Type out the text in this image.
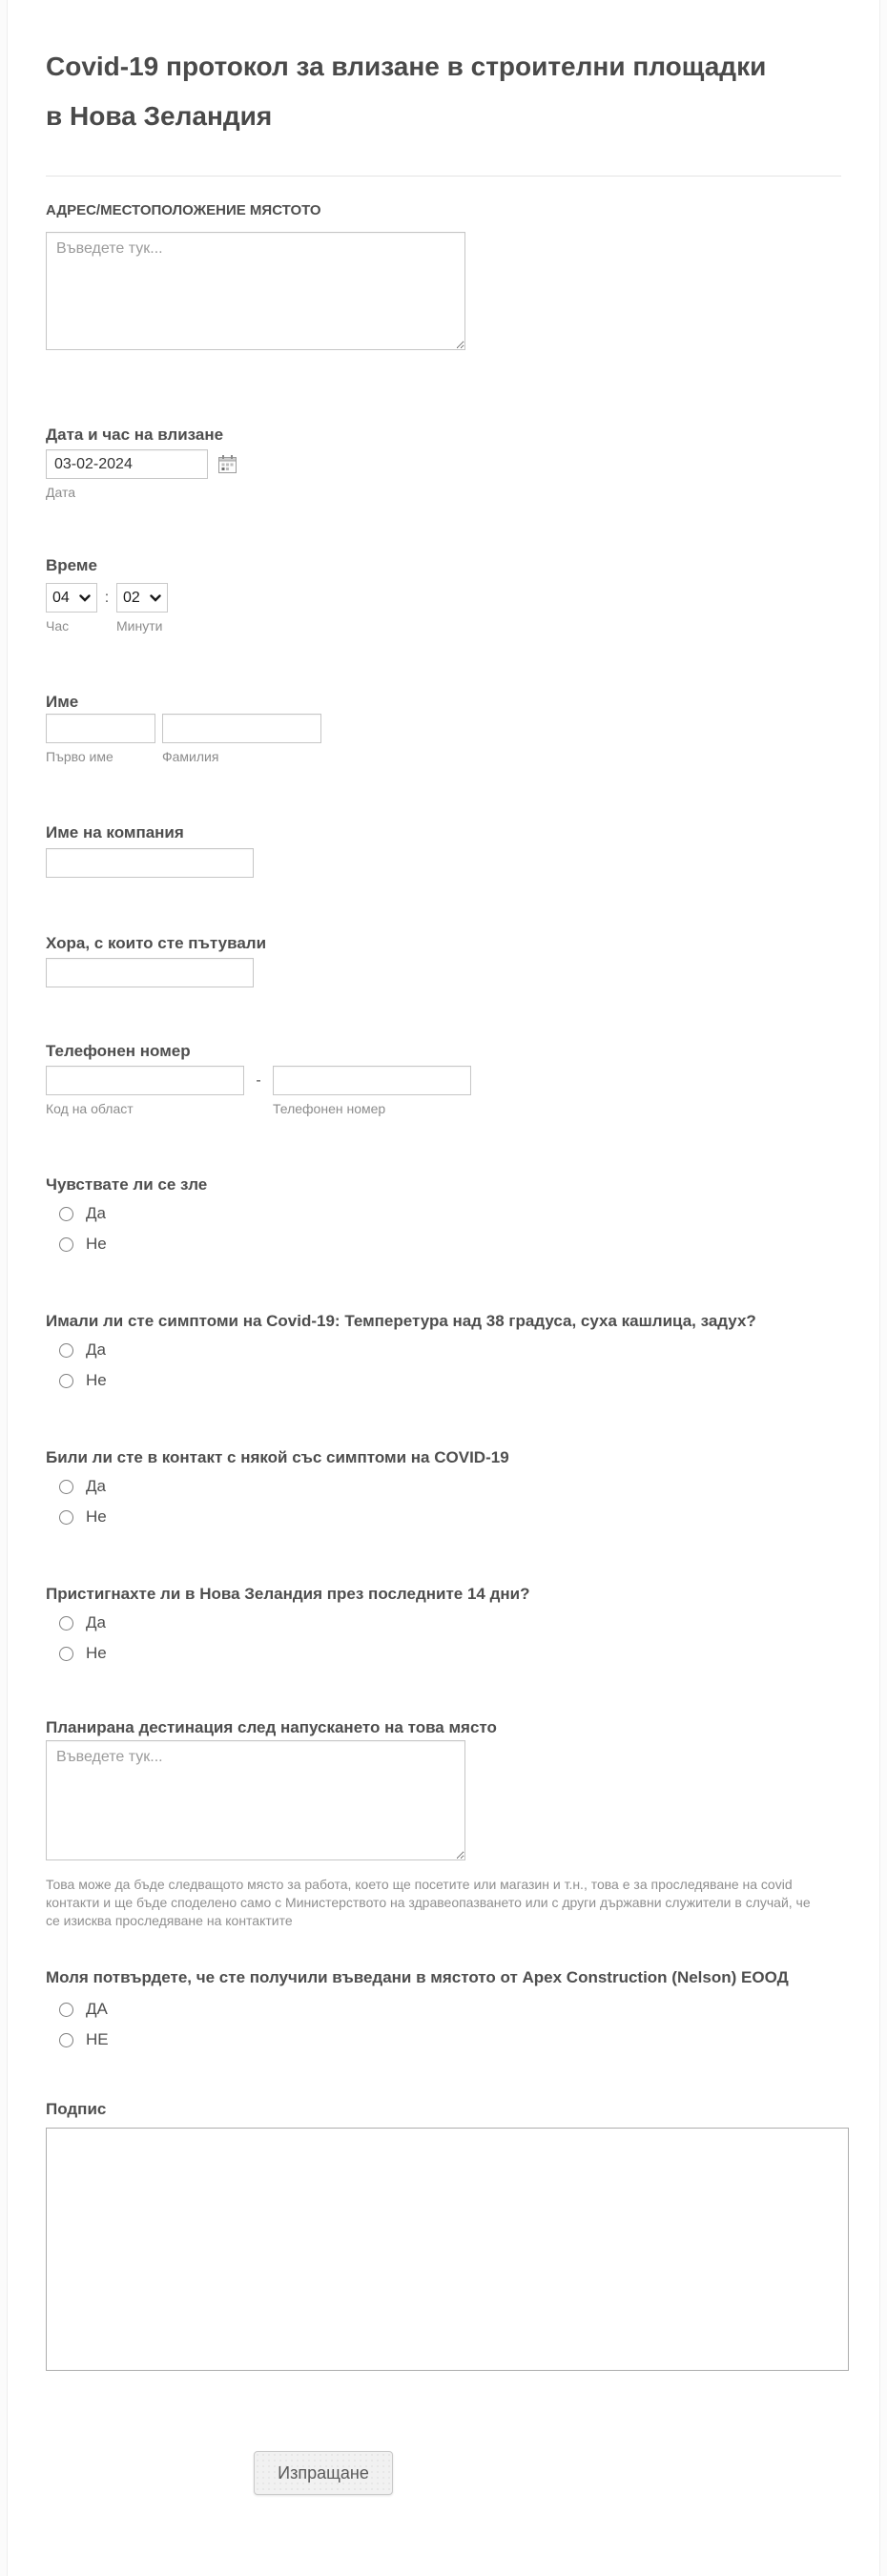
Covid-19 протокол за влизане в строителни площадки в Нова Зеландия
АДРЕС/МЕСТОПОЛОЖЕНИЕ МЯСТОТО
Въведете тук...
Дата и час на влизане
03-02-2024
Дата
Време
04 : 02
Час	Минути
Име
Първо име	Фамилия
Име на компания
Хора, с които сте пътували
Телефонен номер
-
Код на област	Телефонен номер
Чувствате ли се зле
Да
Не
Имали ли сте симптоми на Covid-19: Темперетура над 38 градуса, суха кашлица, задух?
Да
Не
Били ли сте в контакт с някой със симптоми на COVID-19
Да
Не
Пристигнахте ли в Нова Зеландия през последните 14 дни?
Да
Не
Планирана дестинация след напускането на това място
Въведете тук...
Това може да бъде следващото място за работа, което ще посетите или магазин и т.н., това е за проследяване на covid контакти и ще бъде споделено само с Министерството на здравеопазването или с други държавни служители в случай, че се изисква проследяване на контактите
Моля потвърдете, че сте получили въведани в мястото от Apex Construction (Nelson) ЕООД
ДА
НЕ
Подпис
Изпращане
